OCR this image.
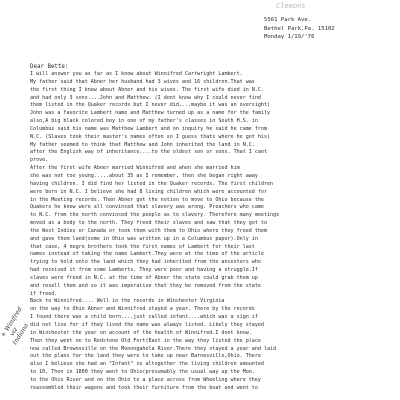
Clemons
5561 Park Ave.
Bethel Park,Pa. 15102
Monday 1/19/'76
Dear Bette:
I will answer you as far as I know about Winnifred Cartwright Lambert.
My father said that Abner her husband had 3 wives and 16 children.That was
the first thing I knew about Abner and his wives. The first wife died in N.C.
and had only 3 sons....John and Matthew. (I dont know why I could never find
them listed in the Quaker records but I never did,...maybe it was an oversight)
John was a favorite Lambert name and Matthew turned up as a name for the family
also,A big black colored boy in one of my father's classes in South H.S. in
Columbus said his name was Matthew Lambert and on inquiry he said he came from
N.C. (Slaves took their master's names often so I guess thats where he got his)
My father seemed to think that Matthew and John inherited the land in N.C.
after the English way of inheritance....to the oldest son or sons. That I cant
prove.
After the first wife Abner married Winnifred and when she married him
she was not too young.....about 35 as I remember, then she began right away
having children. I did find her listed in the Quaker records. The first children
were born in N.C. I believe she had 8 living children which were accounted for
in the Meeting records. Then Abner got the notion to move to Ohio because the
Quakers he knew were all convinced that slavery was wrong. Preachers who came
to N.C. from the north convinced the people as to slavery. Therefore many meetings
moved as a body to the north. They freed their slaves and saw that they got to
the West Indies or Canada or took them with them to Ohio where they freed them
and gave them land(some in Ohio was written up in a Columbus paper).Only in
that case, 4 negro brothers took the first names of Lambert for their last
names instead of taking the name Lambert.They were at the time of the article
trying to hold onto the land which they had inherited from the ancestors who
had received it from some Lamberts. They were poor and having a struggle.If
slaves were freed in N.C. at the time of Abner the state could grab them up
and resell them and so it was imperative that they be removed from the state
if freed.
Back to Winnifred.... Well in the records in Winchester Virginia
on the way to Ohio Abner and Winnifred stayed a year. There by the records
I found there was a child born....just called infant....which was a sign if
did not live for if they lived the name was always listed. Likely they stayed
in Winchester the year on account of the health of Winnifred.I dont know.
Then they went on to Redstone Old Fort(East in the way they listed the place
now called Brownsville on the Monongahela River.There they stayed a year and laid
out the plans for the land they were to take up near Barnesville,Ohio. There
also I believe she had an "Infant" so altogether the living children amounted
to 10, Then in 1800 they went to Ohio(presumably the usual way up the Mon.
to the Ohio River and on the Ohio to a place across from Wheeling where they
reassembled their wagons and took their furniture from the boat and went to
+ Winifred
viz
Indiana
